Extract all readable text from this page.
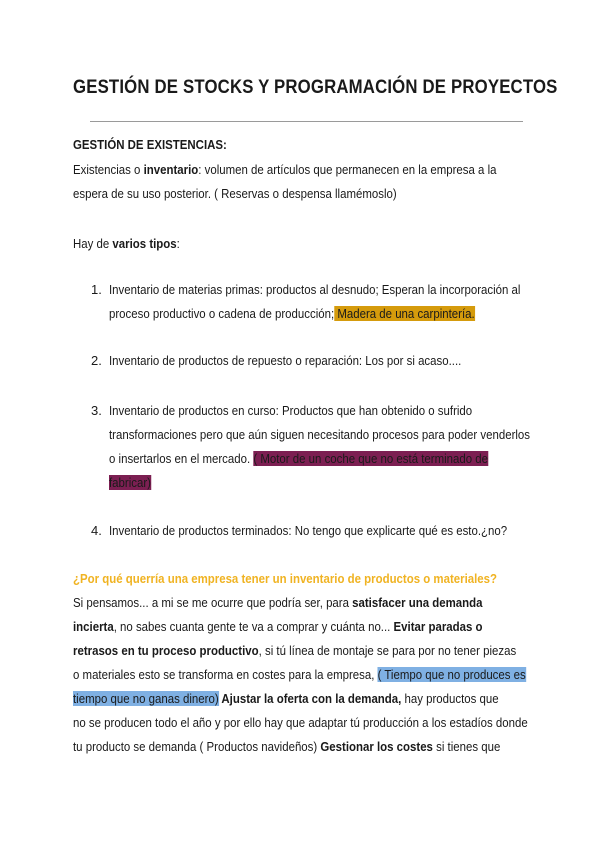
GESTIÓN DE STOCKS Y PROGRAMACIÓN DE PROYECTOS
GESTIÓN DE EXISTENCIAS:
Existencias o inventario: volumen de artículos que permanecen en la empresa a la
espera de su uso posterior. ( Reservas o despensa llamémoslo)
Hay de varios tipos:
1. Inventario de materias primas: productos al desnudo; Esperan la incorporación al
proceso productivo o cadena de producción; Madera de una carpintería.
2. Inventario de productos de repuesto o reparación: Los por si acaso....
3. Inventario de productos en curso: Productos que han obtenido o sufrido
transformaciones pero que aún siguen necesitando procesos para poder venderlos
o insertarlos en el mercado. ( Motor de un coche que no está terminado de
fabricar)
4. Inventario de productos terminados: No tengo que explicarte qué es esto.¿no?
¿Por qué querría una empresa tener un inventario de productos o materiales?
Si pensamos... a mi se me ocurre que podría ser, para satisfacer una demanda
incierta, no sabes cuanta gente te va a comprar y cuánta no... Evitar paradas o
retrasos en tu proceso productivo, si tú línea de montaje se para por no tener piezas
o materiales esto se transforma en costes para la empresa, ( Tiempo que no produces es
tiempo que no ganas dinero) Ajustar la oferta con la demanda, hay productos que
no se producen todo el año y por ello hay que adaptar tú producción a los estadíos donde
tu producto se demanda ( Productos navideños) Gestionar los costes si tienes que
